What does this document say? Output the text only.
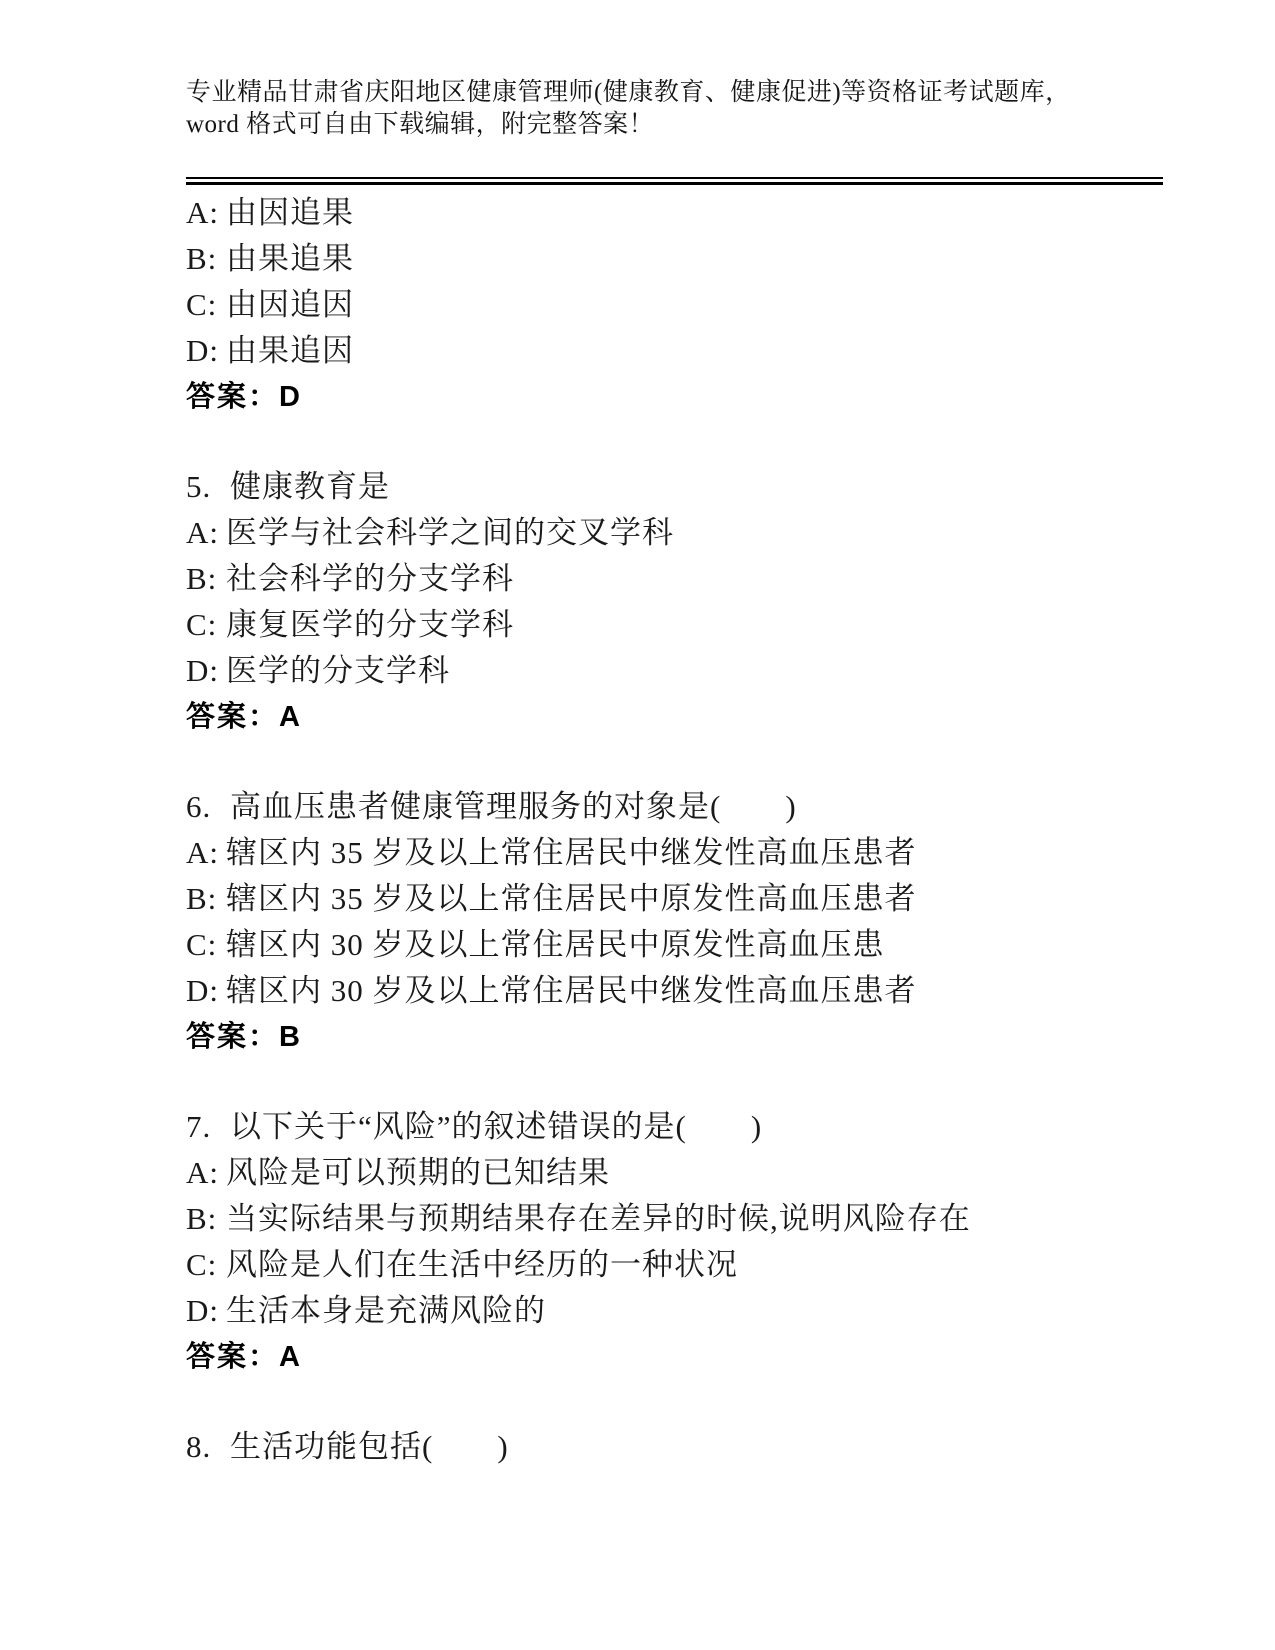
专业精品甘肃省庆阳地区健康管理师(健康教育、健康促进)等资格证考试题库，
word 格式可自由下载编辑，附完整答案！
A: 由因追果
B: 由果追果
C: 由因追因
D: 由果追因
答案： D
5. 健康教育是
A: 医学与社会科学之间的交叉学科
B: 社会科学的分支学科
C: 康复医学的分支学科
D: 医学的分支学科
答案： A
6. 高血压患者健康管理服务的对象是(　　)
A: 辖区内 35 岁及以上常住居民中继发性高血压患者
B: 辖区内 35 岁及以上常住居民中原发性高血压患者
C: 辖区内 30 岁及以上常住居民中原发性高血压患
D: 辖区内 30 岁及以上常住居民中继发性高血压患者
答案： B
7. 以下关于“风险”的叙述错误的是(　　)
A: 风险是可以预期的已知结果
B: 当实际结果与预期结果存在差异的时候,说明风险存在
C: 风险是人们在生活中经历的一种状况
D: 生活本身是充满风险的
答案： A
8. 生活功能包括(　　)
